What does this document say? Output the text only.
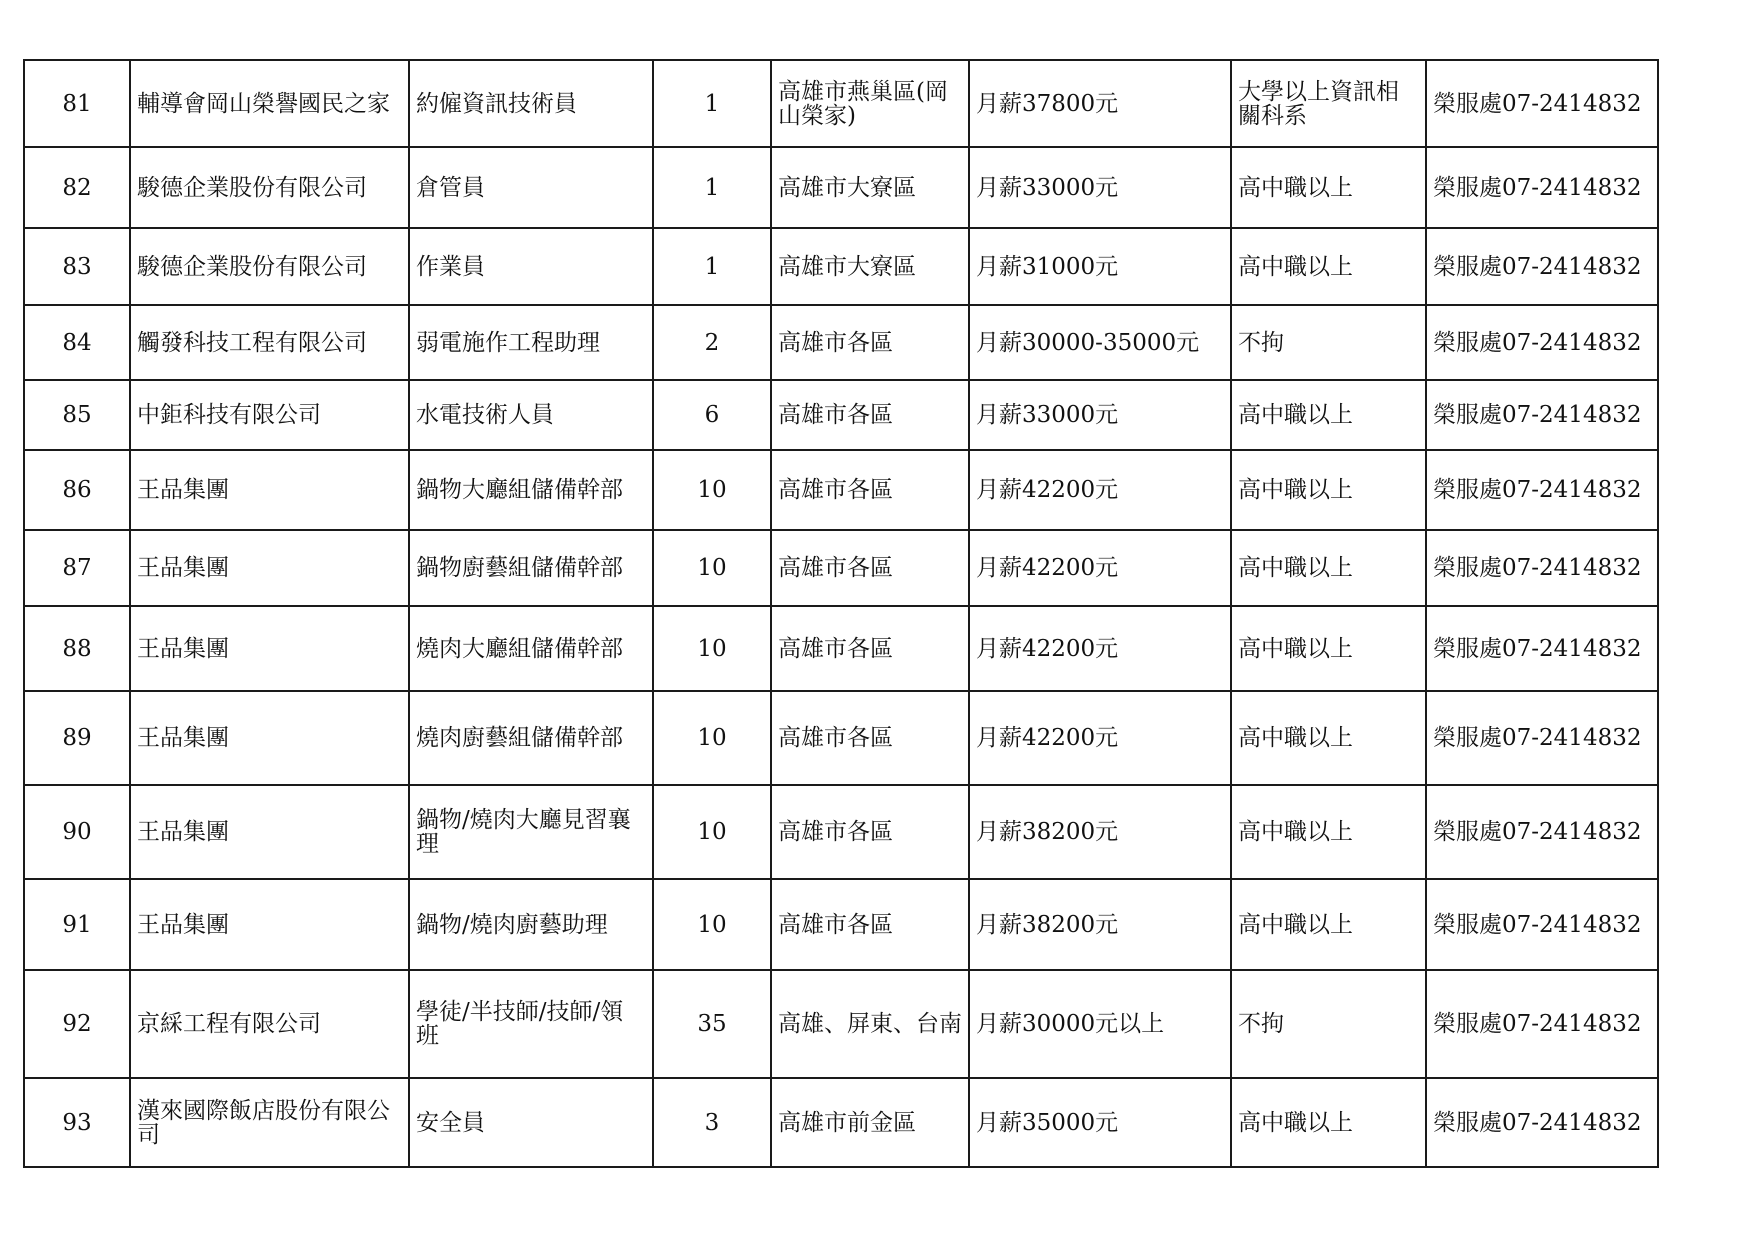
81	輔導會岡山榮譽國民之家	約僱資訊技術員	1	高雄市燕巢區(岡山榮家)	月薪37800元	大學以上資訊相關科系	榮服處07-2414832
82	駿德企業股份有限公司	倉管員	1	高雄市大寮區	月薪33000元	高中職以上	榮服處07-2414832
83	駿德企業股份有限公司	作業員	1	高雄市大寮區	月薪31000元	高中職以上	榮服處07-2414832
84	觸發科技工程有限公司	弱電施作工程助理	2	高雄市各區	月薪30000-35000元	不拘	榮服處07-2414832
85	中鉅科技有限公司	水電技術人員	6	高雄市各區	月薪33000元	高中職以上	榮服處07-2414832
86	王品集團	鍋物大廳組儲備幹部	10	高雄市各區	月薪42200元	高中職以上	榮服處07-2414832
87	王品集團	鍋物廚藝組儲備幹部	10	高雄市各區	月薪42200元	高中職以上	榮服處07-2414832
88	王品集團	燒肉大廳組儲備幹部	10	高雄市各區	月薪42200元	高中職以上	榮服處07-2414832
89	王品集團	燒肉廚藝組儲備幹部	10	高雄市各區	月薪42200元	高中職以上	榮服處07-2414832
90	王品集團	鍋物/燒肉大廳見習襄理	10	高雄市各區	月薪38200元	高中職以上	榮服處07-2414832
91	王品集團	鍋物/燒肉廚藝助理	10	高雄市各區	月薪38200元	高中職以上	榮服處07-2414832
92	京綵工程有限公司	學徒/半技師/技師/領班	35	高雄、屏東、台南	月薪30000元以上	不拘	榮服處07-2414832
93	漢來國際飯店股份有限公司	安全員	3	高雄市前金區	月薪35000元	高中職以上	榮服處07-2414832
